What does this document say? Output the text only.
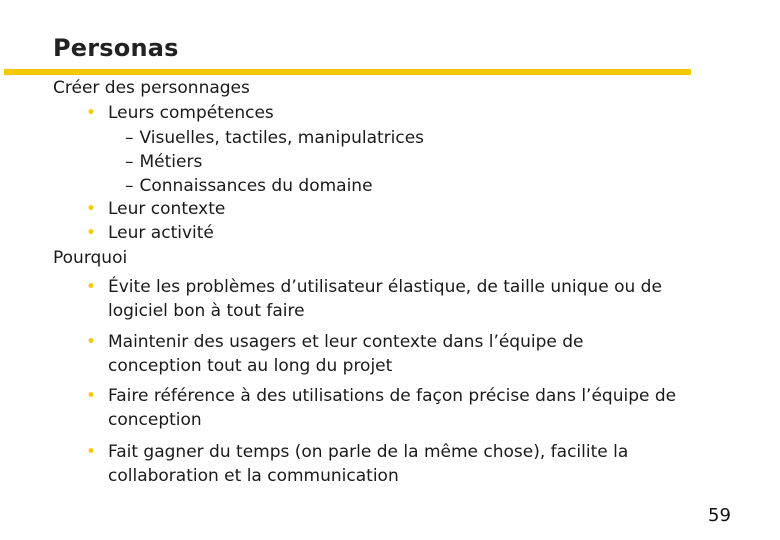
Personas
Créer des personnages
• Leurs compétences
– Visuelles, tactiles, manipulatrices
– Métiers
– Connaissances du domaine
• Leur contexte
• Leur activité
Pourquoi
• Évite les problèmes d’utilisateur élastique, de taille unique ou de logiciel bon à tout faire
• Maintenir des usagers et leur contexte dans l’équipe de conception tout au long du projet
• Faire référence à des utilisations de façon précise dans l’équipe de conception
• Fait gagner du temps (on parle de la même chose), facilite la collaboration et la communication
59
